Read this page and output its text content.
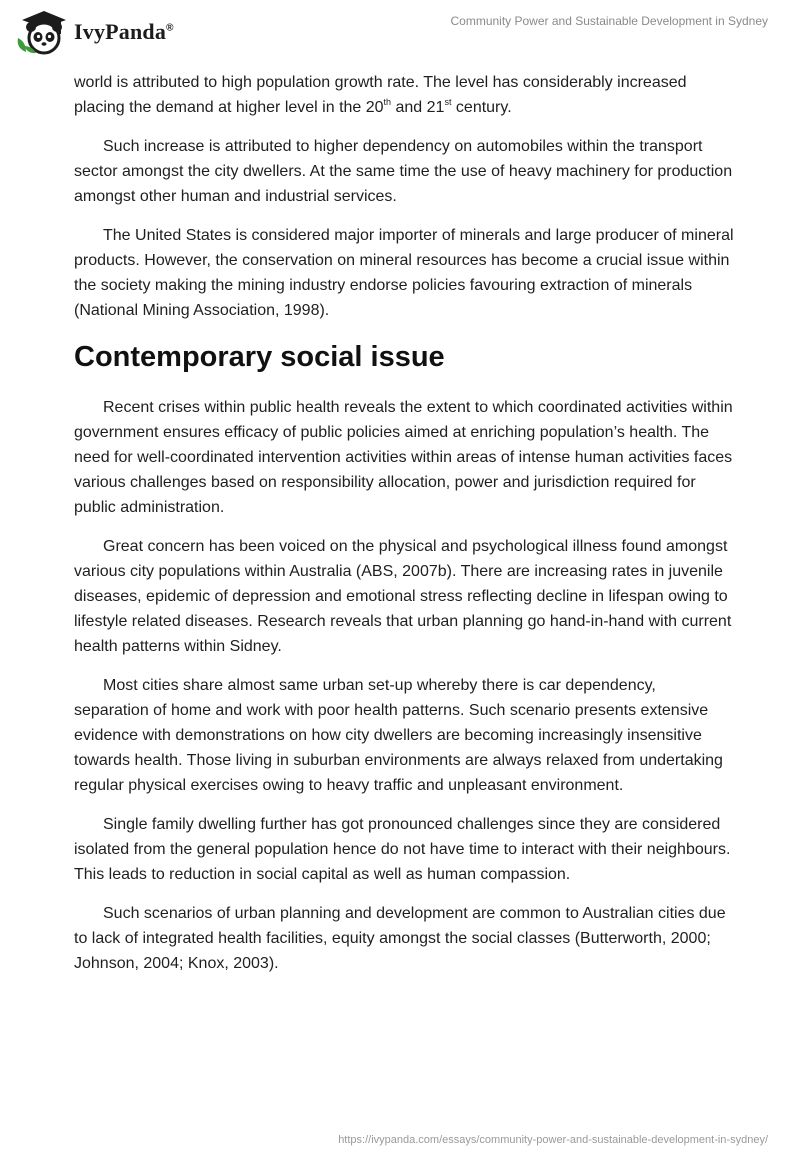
IvyPanda®
Community Power and Sustainable Development in Sydney

world is attributed to high population growth rate. The level has considerably increased placing the demand at higher level in the 20th and 21st century.

Such increase is attributed to higher dependency on automobiles within the transport sector amongst the city dwellers. At the same time the use of heavy machinery for production amongst other human and industrial services.

The United States is considered major importer of minerals and large producer of mineral products. However, the conservation on mineral resources has become a crucial issue within the society making the mining industry endorse policies favouring extraction of minerals (National Mining Association, 1998).

Contemporary social issue

Recent crises within public health reveals the extent to which coordinated activities within government ensures efficacy of public policies aimed at enriching population’s health. The need for well-coordinated intervention activities within areas of intense human activities faces various challenges based on responsibility allocation, power and jurisdiction required for public administration.

Great concern has been voiced on the physical and psychological illness found amongst various city populations within Australia (ABS, 2007b). There are increasing rates in juvenile diseases, epidemic of depression and emotional stress reflecting decline in lifespan owing to lifestyle related diseases. Research reveals that urban planning go hand-in-hand with current health patterns within Sidney.

Most cities share almost same urban set-up whereby there is car dependency, separation of home and work with poor health patterns. Such scenario presents extensive evidence with demonstrations on how city dwellers are becoming increasingly insensitive towards health. Those living in suburban environments are always relaxed from undertaking regular physical exercises owing to heavy traffic and unpleasant environment.

Single family dwelling further has got pronounced challenges since they are considered isolated from the general population hence do not have time to interact with their neighbours. This leads to reduction in social capital as well as human compassion.

Such scenarios of urban planning and development are common to Australian cities due to lack of integrated health facilities, equity amongst the social classes (Butterworth, 2000; Johnson, 2004; Knox, 2003).

https://ivypanda.com/essays/community-power-and-sustainable-development-in-sydney/
